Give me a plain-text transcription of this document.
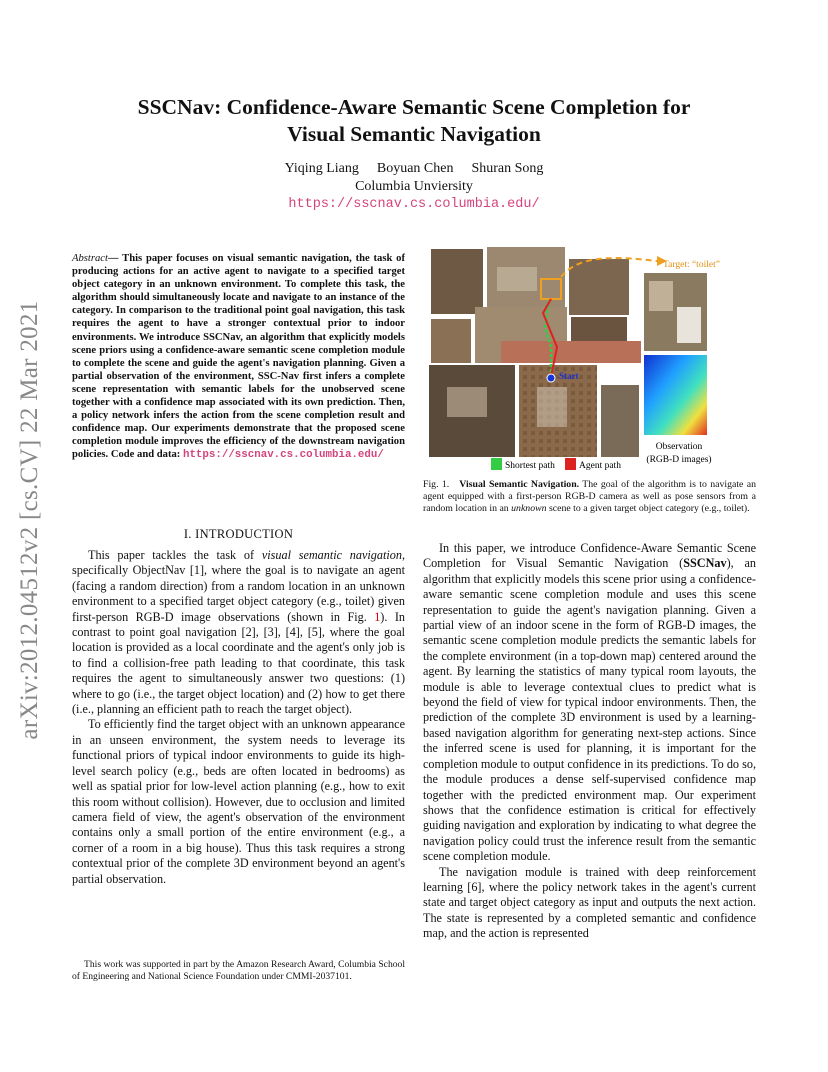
arXiv:2012.04512v2 [cs.CV] 22 Mar 2021
SSCNav: Confidence-Aware Semantic Scene Completion for
Visual Semantic Navigation
Yiqing Liang Boyuan Chen Shuran Song
Columbia Unviersity
https://sscnav.cs.columbia.edu/
Abstract— This paper focuses on visual semantic navigation, the task of producing actions for an active agent to navigate to a specified target object category in an unknown environment. To complete this task, the algorithm should simultaneously locate and navigate to an instance of the category. In comparison to the traditional point goal navigation, this task requires the agent to have a stronger contextual prior to indoor environments. We introduce SSCNav, an algorithm that explicitly models scene priors using a confidence-aware semantic scene completion module to complete the scene and guide the agent's navigation planning. Given a partial observation of the environment, SSC-Nav first infers a complete scene representation with semantic labels for the unobserved scene together with a confidence map associated with its own prediction. Then, a policy network infers the action from the scene completion result and confidence map. Our experiments demonstrate that the proposed scene completion module improves the efficiency of the downstream navigation policies. Code and data: https://sscnav.cs.columbia.edu/
I. INTRODUCTION

This paper tackles the task of visual semantic navigation, specifically ObjectNav [1], where the goal is to navigate an agent (facing a random direction) from a random location in an unknown environment to a specified target object category (e.g., toilet) given first-person RGB-D image observations (shown in Fig. 1). In contrast to point goal navigation [2], [3], [4], [5], where the goal location is provided as a local coordinate and the agent's only job is to find a collision-free path leading to that coordinate, this task requires the agent to simultaneously answer two questions: (1) where to go (i.e., the target object location) and (2) how to get there (i.e., planning an efficient path to reach the target object).

To efficiently find the target object with an unknown appearance in an unseen environment, the system needs to leverage its functional priors of typical indoor environments to guide its high-level search policy (e.g., beds are often located in bedrooms) as well as spatial prior for low-level action planning (e.g., how to exit this room without collision). However, due to occlusion and limited camera field of view, the agent's observation of the environment contains only a small portion of the entire environment (e.g., a corner of a room in a big house). Thus this task requires a strong contextual prior of the complete 3D environment beyond an agent's partial observation.

This work was supported in part by the Amazon Research Award, Columbia School of Engineering and National Science Foundation under CMMI-2037101.
Target: “toilet”
Start
Observation
(RGB-D images)
Shortest path	Agent path
Fig. 1. Visual Semantic Navigation. The goal of the algorithm is to navigate an agent equipped with a first-person RGB-D camera as well as pose sensors from a random location in an unknown scene to a given target object category (e.g., toilet).

In this paper, we introduce Confidence-Aware Semantic Scene Completion for Visual Semantic Navigation (SSCNav), an algorithm that explicitly models this scene prior using a confidence-aware semantic scene completion module and uses this scene representation to guide the agent's navigation planning. Given a partial view of an indoor scene in the form of RGB-D images, the semantic scene completion module predicts the semantic labels for the complete environment (in a top-down map) centered around the agent. By learning the statistics of many typical room layouts, the module is able to leverage contextual clues to predict what is beyond the field of view for typical indoor environments. Then, the prediction of the complete 3D environment is used by a learning-based navigation algorithm for generating next-step actions. Since the inferred scene is used for planning, it is important for the completion module to output confidence in its predictions. To do so, the module produces a dense self-supervised confidence map together with the predicted environment map. Our experiment shows that the confidence estimation is critical for effectively guiding navigation and exploration by indicating to what degree the navigation policy could trust the inference result from the semantic scene completion module.

The navigation module is trained with deep reinforcement learning [6], where the policy network takes in the agent's current state and target object category as input and outputs the next action. The state is represented by a completed semantic and confidence map, and the action is represented
